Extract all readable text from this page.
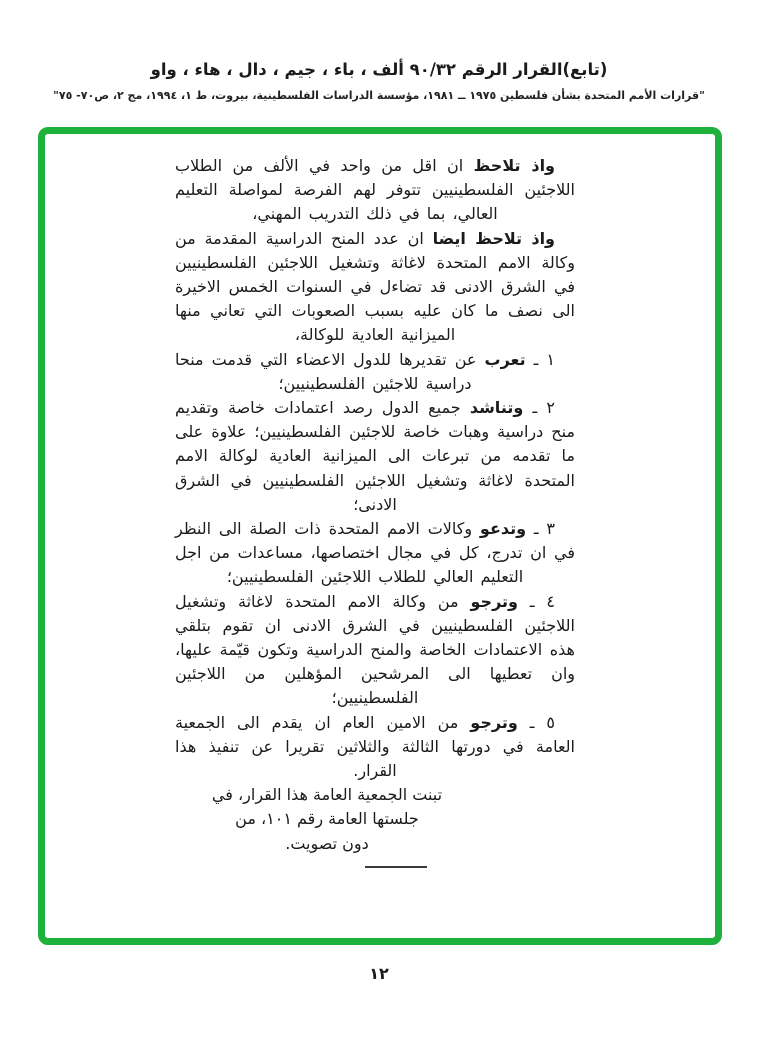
(تابع)القرار الرقم ٩٠/٣٢ ألف ، باء ، جيم ، دال ، هاء ، واو
"قرارات الأمم المتحدة بشأن فلسطين ١٩٧٥ ــ ١٩٨١، مؤسسة الدراسات الفلسطينية، بيروت، ط ١، ١٩٩٤، مج ٢، ص٧٠- ٧٥"

واذ تلاحظ ان اقل من واحد في الألف من الطلاب اللاجئين الفلسطينيين تتوفر لهم الفرصة لمواصلة التعليم العالي، بما في ذلك التدريب المهني،

واذ تلاحظ ايضا ان عدد المنح الدراسية المقدمة من وكالة الامم المتحدة لاغاثة وتشغيل اللاجئين الفلسطينيين في الشرق الادنى قد تضاءل في السنوات الخمس الاخيرة الى نصف ما كان عليه بسبب الصعوبات التي تعاني منها الميزانية العادية للوكالة،

١ ـ تعرب عن تقديرها للدول الاعضاء التي قدمت منحا دراسية للاجئين الفلسطينيين؛

٢ ـ وتناشد جميع الدول رصد اعتمادات خاصة وتقديم منح دراسية وهبات خاصة للاجئين الفلسطينيين؛ علاوة على ما تقدمه من تبرعات الى الميزانية العادية لوكالة الامم المتحدة لاغاثة وتشغيل اللاجئين الفلسطينيين في الشرق الادنى؛

٣ ـ وتدعو وكالات الامم المتحدة ذات الصلة الى النظر في ان تدرج، كل في مجال اختصاصها، مساعدات من اجل التعليم العالي للطلاب اللاجئين الفلسطينيين؛

٤ ـ وترجو من وكالة الامم المتحدة لاغاثة وتشغيل اللاجئين الفلسطينيين في الشرق الادنى ان تقوم بتلقي هذه الاعتمادات الخاصة والمنح الدراسية وتكون قيّمة عليها، وان تعطيها الى المرشحين المؤهلين من اللاجئين الفلسطينيين؛

٥ ـ وترجو من الامين العام ان يقدم الى الجمعية العامة في دورتها الثالثة والثلاثين تقريرا عن تنفيذ هذا القرار.

تبنت الجمعية العامة هذا القرار، في
جلستها العامة رقم ١٠١، من
دون تصويت.
١٢
